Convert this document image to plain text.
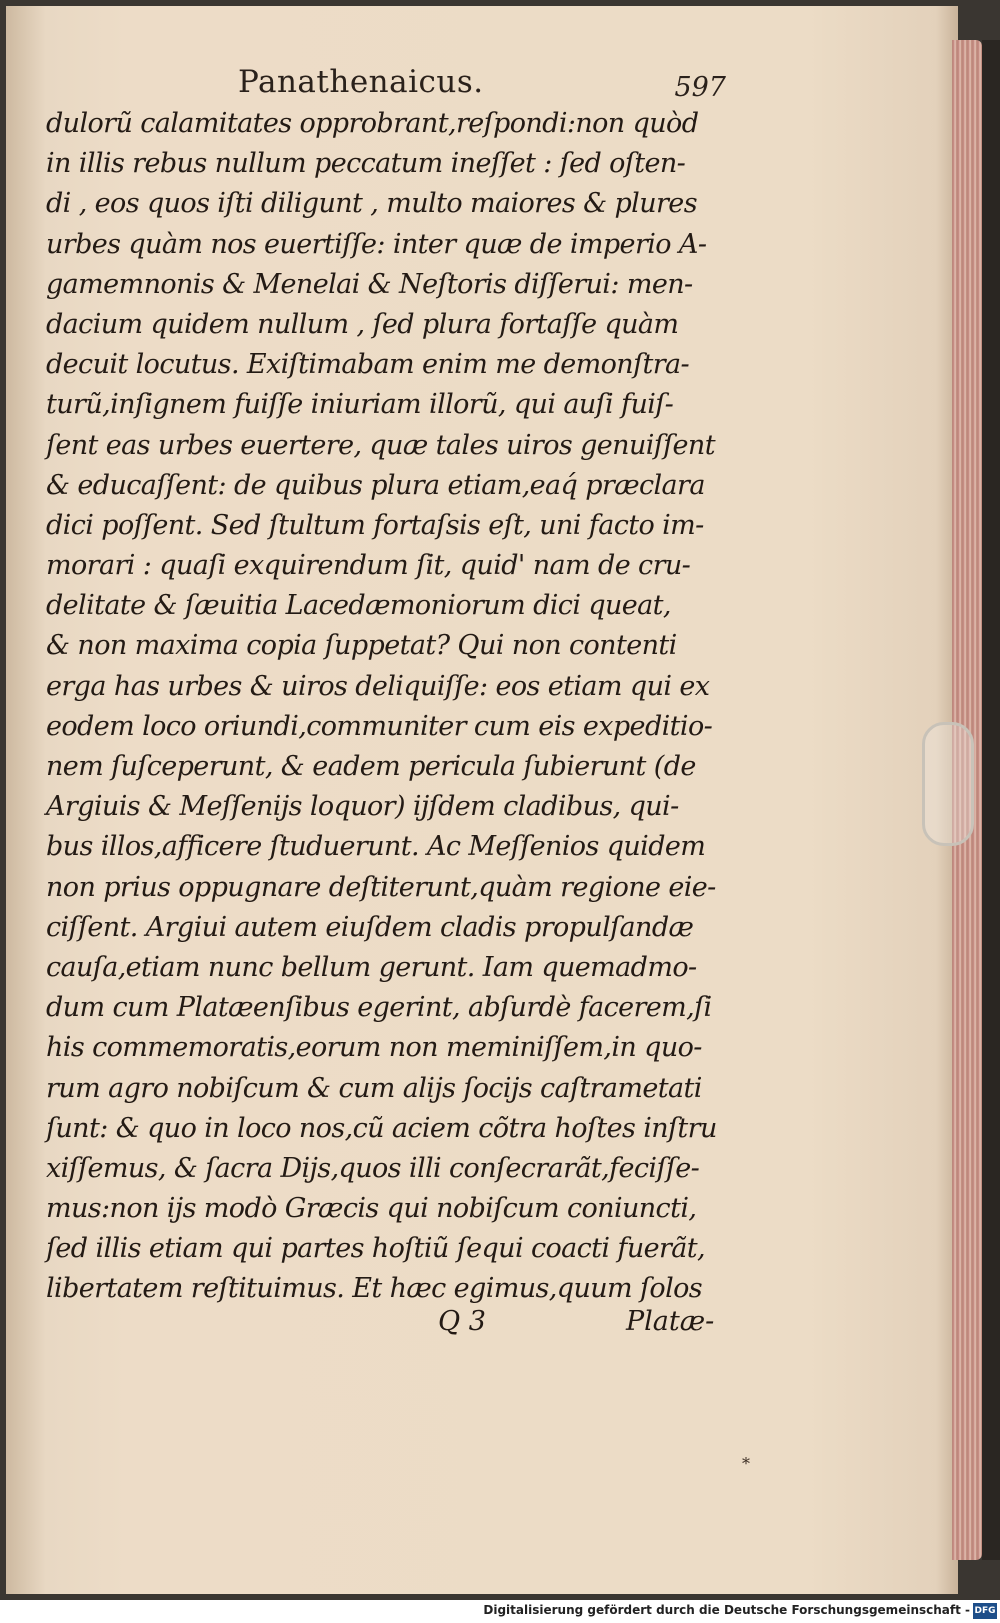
Panathenaicus.	597
dulorũ calamitates opprobrant,reſpondi:non quòd
in illis rebus nullum peccatum ineſſet : ſed oſten‑
di , eos quos iſti diligunt , multo maiores & plures
urbes quàm nos euertiſſe: inter quæ de imperio A‑
gamemnonis & Menelai & Neſtoris diſſerui: men‑
dacium quidem nullum , ſed plura fortaſſe quàm
decuit locutus. Exiſtimabam enim me demonſtra‑
turũ,inſignem fuiſſe iniuriam illorũ, qui auſi fuiſ‑
ſent eas urbes euertere, quæ tales uiros genuiſſent
& educaſſent: de quibus plura etiam,eaq́ præclara
dici poſſent. Sed ſtultum fortaſsis eſt, uni facto im‑
morari : quaſi exquirendum ſit, quid' nam de cru‑
delitate & ſæuitia Lacedæmoniorum dici queat,
& non maxima copia ſuppetat? Qui non contenti
erga has urbes & uiros deliquiſſe: eos etiam qui ex
eodem loco oriundi,communiter cum eis expeditio‑
nem ſuſceperunt, & eadem pericula ſubierunt (de
Argiuis & Meſſenijs loquor) ijſdem cladibus, qui‑
bus illos,afficere ſtuduerunt. Ac Meſſenios quidem
non prius oppugnare deſtiterunt,quàm regione eie‑
ciſſent. Argiui autem eiuſdem cladis propulſandæ
cauſa,etiam nunc bellum gerunt. Iam quemadmo‑
dum cum Platæenſibus egerint, abſurdè facerem,ſi
his commemoratis,eorum non meminiſſem,in quo‑
rum agro nobiſcum & cum alijs ſocijs caſtrametati
ſunt: & quo in loco nos,cũ aciem cõtra hoſtes inſtru
xiſſemus, & ſacra Dijs,quos illi conſecrarãt,feciſſe‑
mus:non ijs modò Græcis qui nobiſcum coniuncti,
ſed illis etiam qui partes hoſtiũ ſequi coacti fuerãt,
libertatem reſtituimus. Et hæc egimus,quum ſolos
Q 3	Platæ‑
*
Digitalisierung gefördert durch die Deutsche Forschungsgemeinschaft - DFG
